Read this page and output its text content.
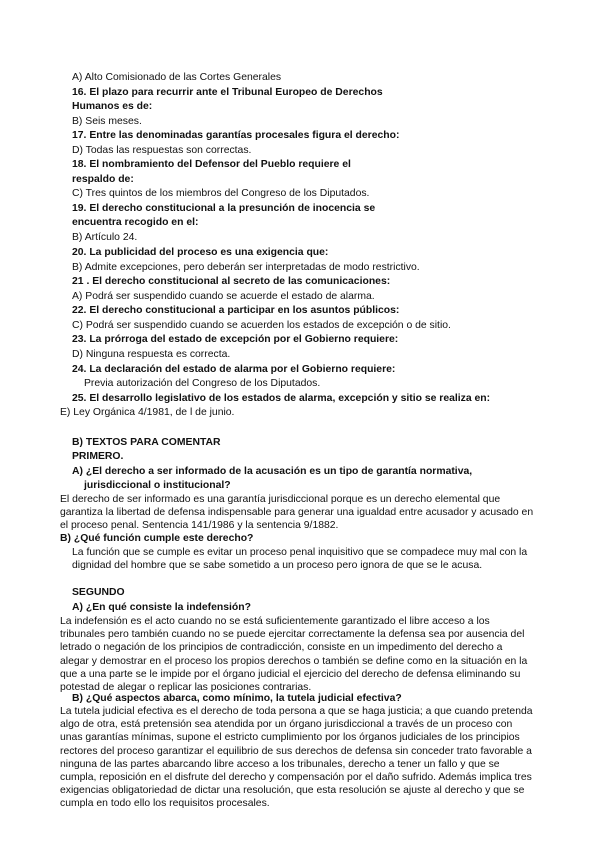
A) Alto Comisionado de las Cortes Generales
16. El plazo para recurrir ante el Tribunal Europeo de Derechos
Humanos es de:
B) Seis meses.
17. Entre las denominadas garantías procesales figura el derecho:
D) Todas las respuestas son correctas.
18. El nombramiento del Defensor del Pueblo requiere el
respaldo de:
C) Tres quintos de los miembros del Congreso de los Diputados.
19. El derecho constitucional a la presunción de inocencia se
encuentra recogido en el:
B) Artículo 24.
20. La publicidad del proceso es una exigencia que:
B) Admite excepciones, pero deberán ser interpretadas de modo restrictivo.
21 . El derecho constitucional al secreto de las comunicaciones:
A) Podrá ser suspendido cuando se acuerde el estado de alarma.
22. El derecho constitucional a participar en los asuntos públicos:
C) Podrá ser suspendido cuando se acuerden los estados de excepción o de sitio.
23. La prórroga del estado de excepción por el Gobierno requiere:
D) Ninguna respuesta es correcta.
24. La declaración del estado de alarma por el Gobierno requiere:
Previa autorización del Congreso de los Diputados.
25. El desarrollo legislativo de los estados de alarma, excepción y sitio se realiza en:
E) Ley Orgánica 4/1981, de l de junio.
B) TEXTOS PARA COMENTAR
PRIMERO.
A) ¿El derecho a ser informado de la acusación es un tipo de garantía normativa,
jurisdiccional o institucional?
El derecho de ser informado es una garantía jurisdiccional porque es un derecho elemental que garantiza la libertad de defensa indispensable para generar una igualdad entre acusador y acusado en el proceso penal. Sentencia 141/1986 y la sentencia 9/1882.
B) ¿Qué función cumple este derecho?
La función que se cumple es evitar un proceso penal inquisitivo que se compadece muy mal con la dignidad del hombre que se sabe sometido a un proceso pero ignora de que se le acusa.
SEGUNDO
A) ¿En qué consiste la indefensión?
La indefensión es el acto cuando no se está suficientemente garantizado el libre acceso a los tribunales pero también cuando no se puede ejercitar correctamente la defensa sea por ausencia del letrado o negación de los principios de contradicción, consiste en un impedimento del derecho a alegar y demostrar en el proceso los propios derechos o también se define como en la situación en la que a una parte se le impide por el órgano judicial el ejercicio del derecho de defensa eliminando su potestad de alegar o replicar las posiciones contrarias.
B) ¿Qué aspectos abarca, como mínimo, la tutela judicial efectiva?
La tutela judicial efectiva es el derecho de toda persona a que se haga justicia; a que cuando pretenda algo de otra, está pretensión sea atendida por un órgano jurisdiccional a través de un proceso con unas garantías mínimas, supone el estricto cumplimiento por los órganos judiciales de los principios rectores del proceso garantizar el equilibrio de sus derechos de defensa sin conceder trato favorable a ninguna de las partes abarcando libre acceso a los tribunales, derecho a tener un fallo y que se cumpla, reposición en el disfrute del derecho y compensación por el daño sufrido. Además implica tres exigencias obligatoriedad de dictar una resolución, que esta resolución se ajuste al derecho y que se cumpla en todo ello los requisitos procesales.
